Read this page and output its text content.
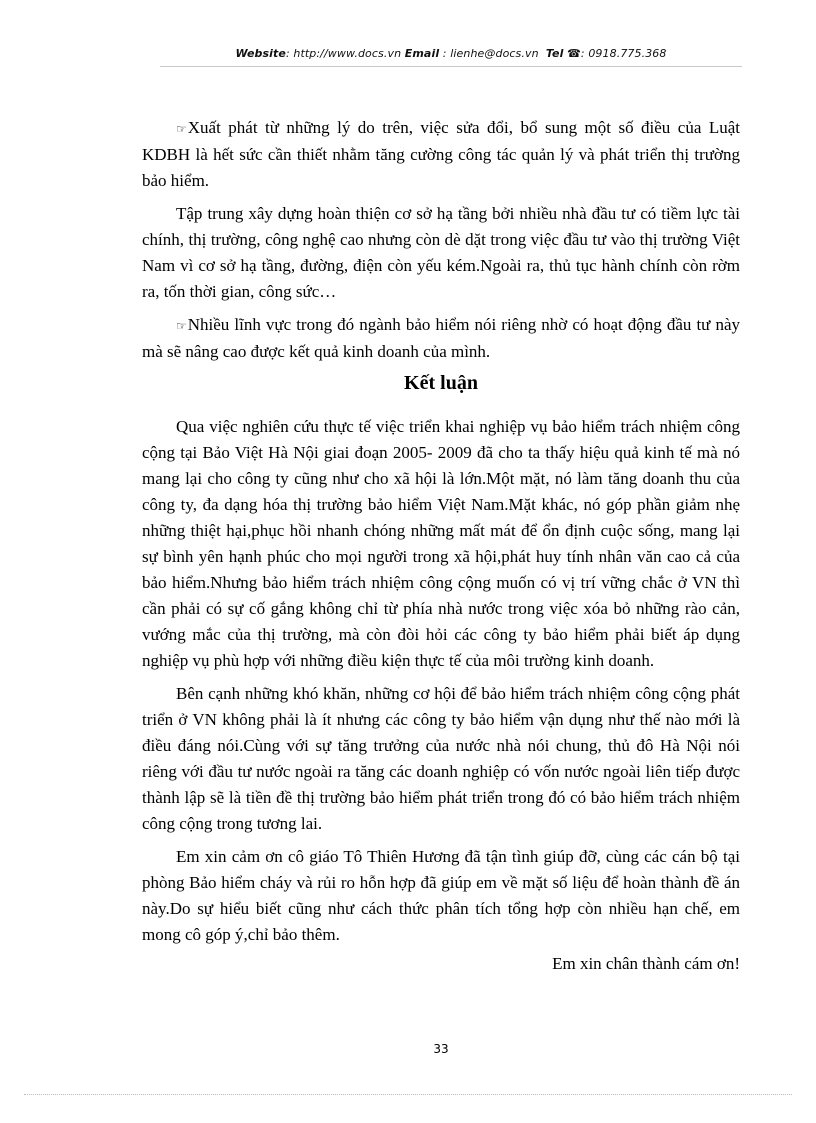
Website: http://www.docs.vn Email : lienhe@docs.vn Tel ☎: 0918.775.368

☞Xuất phát từ những lý do trên, việc sửa đổi, bổ sung một số điều của Luật KDBH là hết sức cần thiết nhằm tăng cường công tác quản lý và phát triển thị trường bảo hiểm.

Tập trung xây dựng hoàn thiện cơ sở hạ tầng bởi nhiều nhà đầu tư có tiềm lực tài chính, thị trường, công nghệ cao nhưng còn dè dặt trong việc đầu tư vào thị trường Việt Nam vì cơ sở hạ tầng, đường, điện còn yếu kém.Ngoài ra, thủ tục hành chính còn rờm ra, tốn thời gian, công sức…

☞Nhiều lĩnh vực trong đó ngành bảo hiểm nói riêng nhờ có hoạt động đầu tư này mà sẽ nâng cao được kết quả kinh doanh của mình.

Kết luận

Qua việc nghiên cứu thực tế việc triển khai nghiệp vụ bảo hiểm trách nhiệm công cộng tại Bảo Việt Hà Nội giai đoạn 2005- 2009 đã cho ta thấy hiệu quả kinh tế mà nó mang lại cho công ty cũng như cho xã hội là lớn.Một mặt, nó làm tăng doanh thu của công ty, đa dạng hóa thị trường bảo hiểm Việt Nam.Mặt khác, nó góp phần giảm nhẹ những thiệt hại,phục hồi nhanh chóng những mất mát để ổn định cuộc sống, mang lại sự bình yên hạnh phúc cho mọi người trong xã hội,phát huy tính nhân văn cao cả của bảo hiểm.Nhưng bảo hiểm trách nhiệm công cộng muốn có vị trí vững chắc ở VN thì cần phải có sự cố gắng không chỉ từ phía nhà nước trong việc xóa bỏ những rào cản, vướng mắc của thị trường, mà còn đòi hỏi các công ty bảo hiểm phải biết áp dụng nghiệp vụ phù hợp với những điều kiện thực tế của môi trường kinh doanh.

Bên cạnh những khó khăn, những cơ hội để bảo hiểm trách nhiệm công cộng phát triển ở VN không phải là ít nhưng các công ty bảo hiểm vận dụng như thế nào mới là điều đáng nói.Cùng với sự tăng trưởng của nước nhà nói chung, thủ đô Hà Nội nói riêng với đầu tư nước ngoài ra tăng các doanh nghiệp có vốn nước ngoài liên tiếp được thành lập sẽ là tiền đề thị trường bảo hiểm phát triển trong đó có bảo hiểm trách nhiệm công cộng trong tương lai.

Em xin cảm ơn cô giáo Tô Thiên Hương đã tận tình giúp đỡ, cùng các cán bộ tại phòng Bảo hiểm cháy và rủi ro hỗn hợp đã giúp em về mặt số liệu để hoàn thành đề án này.Do sự hiểu biết cũng như cách thức phân tích tổng hợp còn nhiều hạn chế, em mong cô góp ý,chỉ bảo thêm.

Em xin chân thành cám ơn!

33
